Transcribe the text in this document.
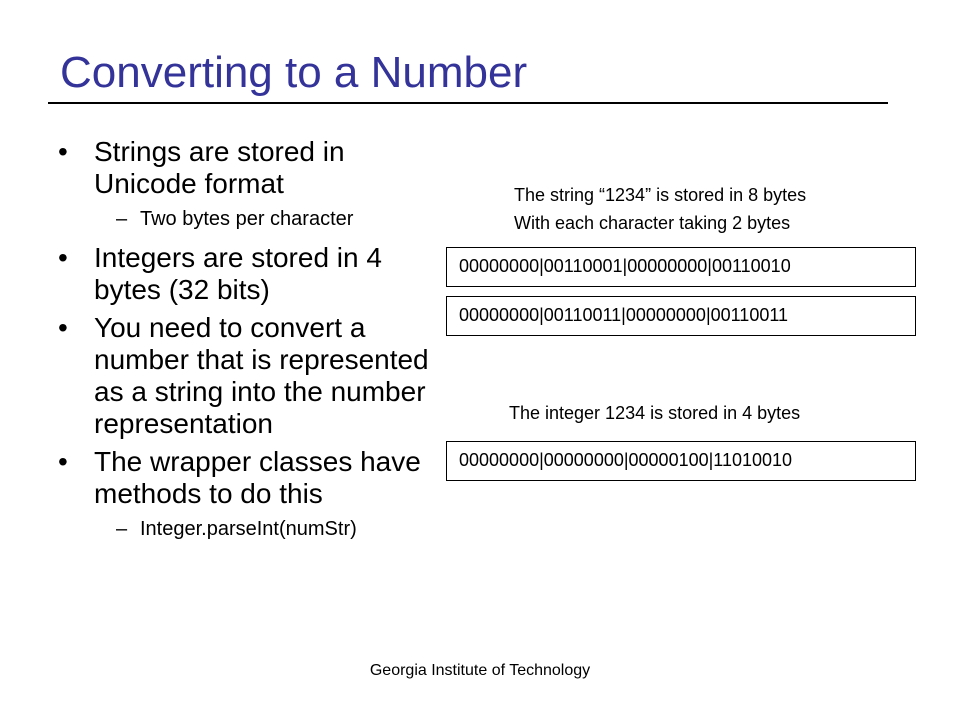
Converting to a Number
• Strings are stored in Unicode format
– Two bytes per character
• Integers are stored in 4 bytes (32 bits)
• You need to convert a number that is represented as a string into the number representation
• The wrapper classes have methods to do this
– Integer.parseInt(numStr)
The string “1234” is stored in 8 bytes
With each character taking 2 bytes
00000000|00110001|00000000|00110010
00000000|00110011|00000000|00110011
The integer 1234 is stored in 4 bytes
00000000|00000000|00000100|11010010
Georgia Institute of Technology
